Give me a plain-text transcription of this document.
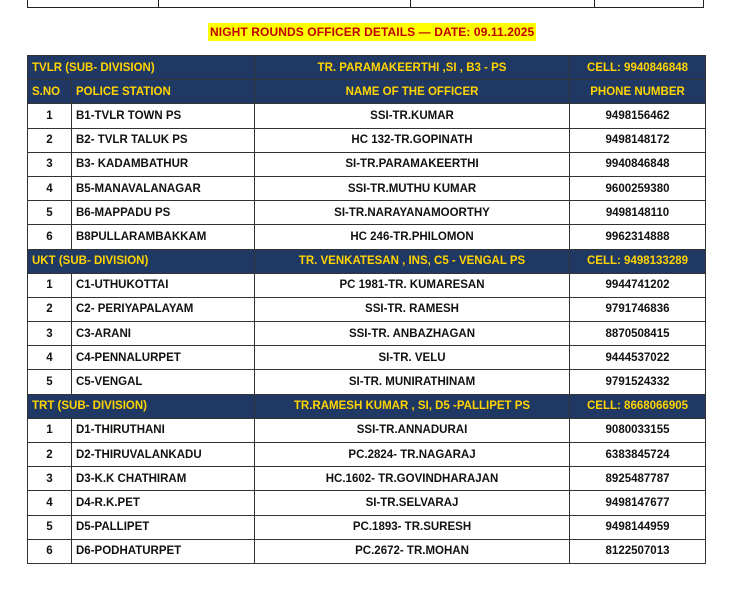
NIGHT ROUNDS OFFICER DETAILS — DATE: 09.11.2025
TVLR (SUB- DIVISION)		TR. PARAMAKEERTHI ,SI , B3 - PS	CELL: 9940846848
S.NO	POLICE STATION	NAME OF THE OFFICER	PHONE NUMBER
1	B1-TVLR TOWN PS	SSI-TR.KUMAR	9498156462
2	B2- TVLR TALUK PS	HC 132-TR.GOPINATH	9498148172
3	B3- KADAMBATHUR	SI-TR.PARAMAKEERTHI	9940846848
4	B5-MANAVALANAGAR	SSI-TR.MUTHU KUMAR	9600259380
5	B6-MAPPADU PS	SI-TR.NARAYANAMOORTHY	9498148110
6	B8PULLARAMBAKKAM	HC 246-TR.PHILOMON	9962314888
UKT (SUB- DIVISION)		TR. VENKATESAN , INS, C5 - VENGAL PS	CELL: 9498133289
1	C1-UTHUKOTTAI	PC 1981-TR. KUMARESAN	9944741202
2	C2- PERIYAPALAYAM	SSI-TR. RAMESH	9791746836
3	C3-ARANI	SSI-TR. ANBAZHAGAN	8870508415
4	C4-PENNALURPET	SI-TR. VELU	9444537022
5	C5-VENGAL	SI-TR. MUNIRATHINAM	9791524332
TRT (SUB- DIVISION)		TR.RAMESH KUMAR , SI, D5 -PALLIPET PS	CELL: 8668066905
1	D1-THIRUTHANI	SSI-TR.ANNADURAI	9080033155
2	D2-THIRUVALANKADU	PC.2824- TR.NAGARAJ	6383845724
3	D3-K.K CHATHIRAM	HC.1602- TR.GOVINDHARAJAN	8925487787
4	D4-R.K.PET	SI-TR.SELVARAJ	9498147677
5	D5-PALLIPET	PC.1893- TR.SURESH	9498144959
6	D6-PODHATURPET	PC.2672- TR.MOHAN	8122507013
